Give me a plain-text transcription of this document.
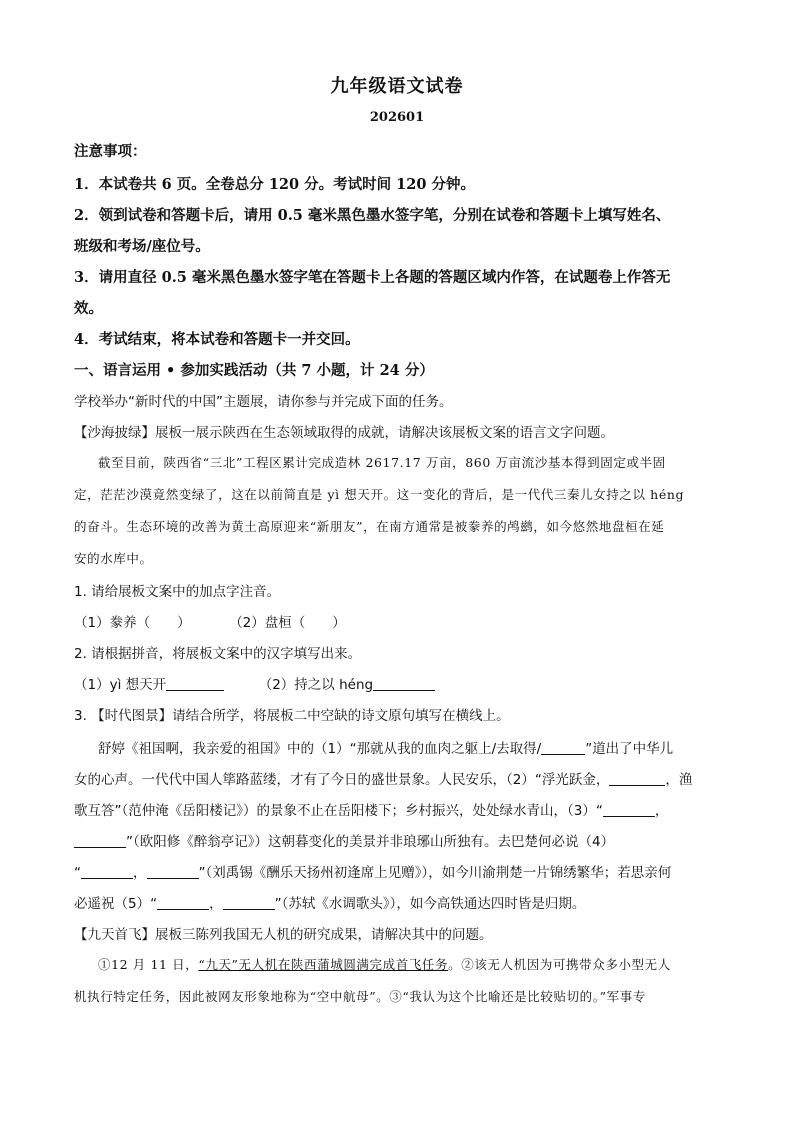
九年级语文试卷
202601
注意事项：
1．本试卷共 6 页。全卷总分 120 分。考试时间 120 分钟。
2．领到试卷和答题卡后，请用 0.5 毫米黑色墨水签字笔，分别在试卷和答题卡上填写姓名、
班级和考场/座位号。
3．请用直径 0.5 毫米黑色墨水签字笔在答题卡上各题的答题区域内作答，在试题卷上作答无
效。
4．考试结束，将本试卷和答题卡一并交回。
一、语言运用 • 参加实践活动（共 7 小题，计 24 分）
学校举办“新时代的中国”主题展，请你参与并完成下面的任务。
【沙海披绿】展板一展示陕西在生态领域取得的成就，请解决该展板文案的语言文字问题。
截至目前，陕西省“三北”工程区累计完成造林 2617.17 万亩，860 万亩流沙基本得到固定或半固
定，茫茫沙漠竟然变绿了，这在以前简直是 yì 想天开。这一变化的背后，是一代代三秦儿女持之以 héng
的奋斗。生态环境的改善为黄土高原迎来“新朋友”，在南方通常是被豢养的鸬鹚，如今悠然地盘桓在延
安的水库中。
1. 请给展板文案中的加点字注音。
（1）豢养（　　）	（2）盘桓（　　）
2. 请根据拼音，将展板文案中的汉字填写出来。
（1）yì 想天开	（2）持之以 héng
3. 【时代图景】请结合所学，将展板二中空缺的诗文原句填写在横线上。
舒婷《祖国啊，我亲爱的祖国》中的（1）“那就从我的血肉之躯上/去取得/	”道出了中华儿
女的心声。一代代中国人筚路蓝缕，才有了今日的盛世景象。人民安乐，（2）“浮光跃金，	，渔
歌互答”（范仲淹《岳阳楼记》）的景象不止在岳阳楼下；乡村振兴，处处绿水青山，（3）“	，
”（欧阳修《醉翁亭记》）这朝暮变化的美景并非琅琊山所独有。去巴楚何必说（4）
“	，	”（刘禹锡《酬乐天扬州初逢席上见赠》），如今川渝荆楚一片锦绣繁华；若思亲何
必遥祝（5）“	，	”（苏轼《水调歌头》），如今高铁通达四时皆是归期。
【九天首飞】展板三陈列我国无人机的研究成果，请解决其中的问题。
①12 月 11 日，“九天”无人机在陕西蒲城圆满完成首飞任务。②该无人机因为可携带众多小型无人
机执行特定任务，因此被网友形象地称为“空中航母”。③“我认为这个比喻还是比较贴切的。”军事专
